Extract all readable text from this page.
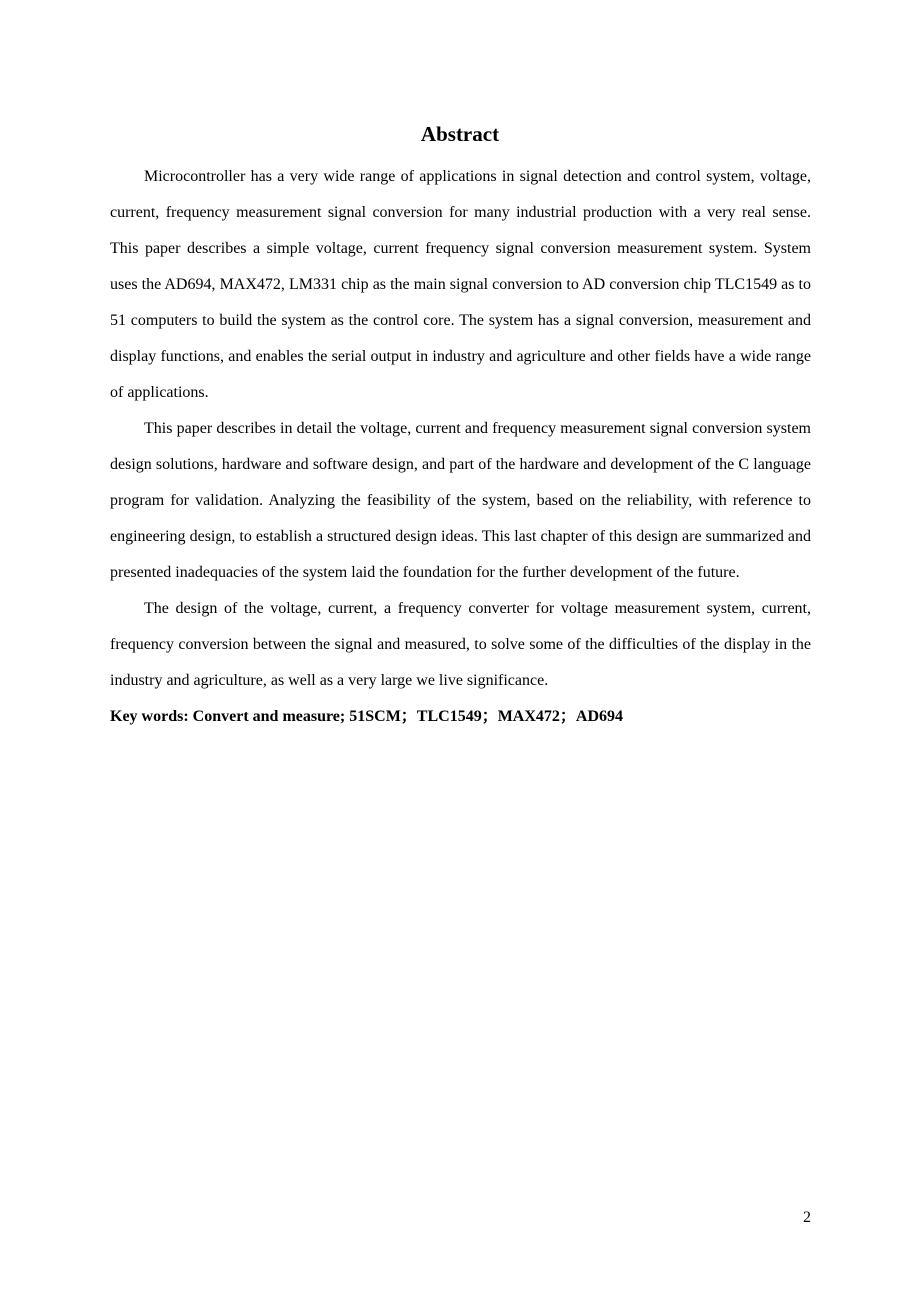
Abstract

Microcontroller has a very wide range of applications in signal detection and control system, voltage, current, frequency measurement signal conversion for many industrial production with a very real sense. This paper describes a simple voltage, current frequency signal conversion measurement system. System uses the AD694, MAX472, LM331 chip as the main signal conversion to AD conversion chip TLC1549 as to 51 computers to build the system as the control core. The system has a signal conversion, measurement and display functions, and enables the serial output in industry and agriculture and other fields have a wide range of applications.

This paper describes in detail the voltage, current and frequency measurement signal conversion system design solutions, hardware and software design, and part of the hardware and development of the C language program for validation. Analyzing the feasibility of the system, based on the reliability, with reference to engineering design, to establish a structured design ideas. This last chapter of this design are summarized and presented inadequacies of the system laid the foundation for the further development of the future.

The design of the voltage, current, a frequency converter for voltage measurement system, current, frequency conversion between the signal and measured, to solve some of the difficulties of the display in the industry and agriculture, as well as a very large we live significance.

Key words: Convert and measure; 51SCM；TLC1549；MAX472；AD694

2
